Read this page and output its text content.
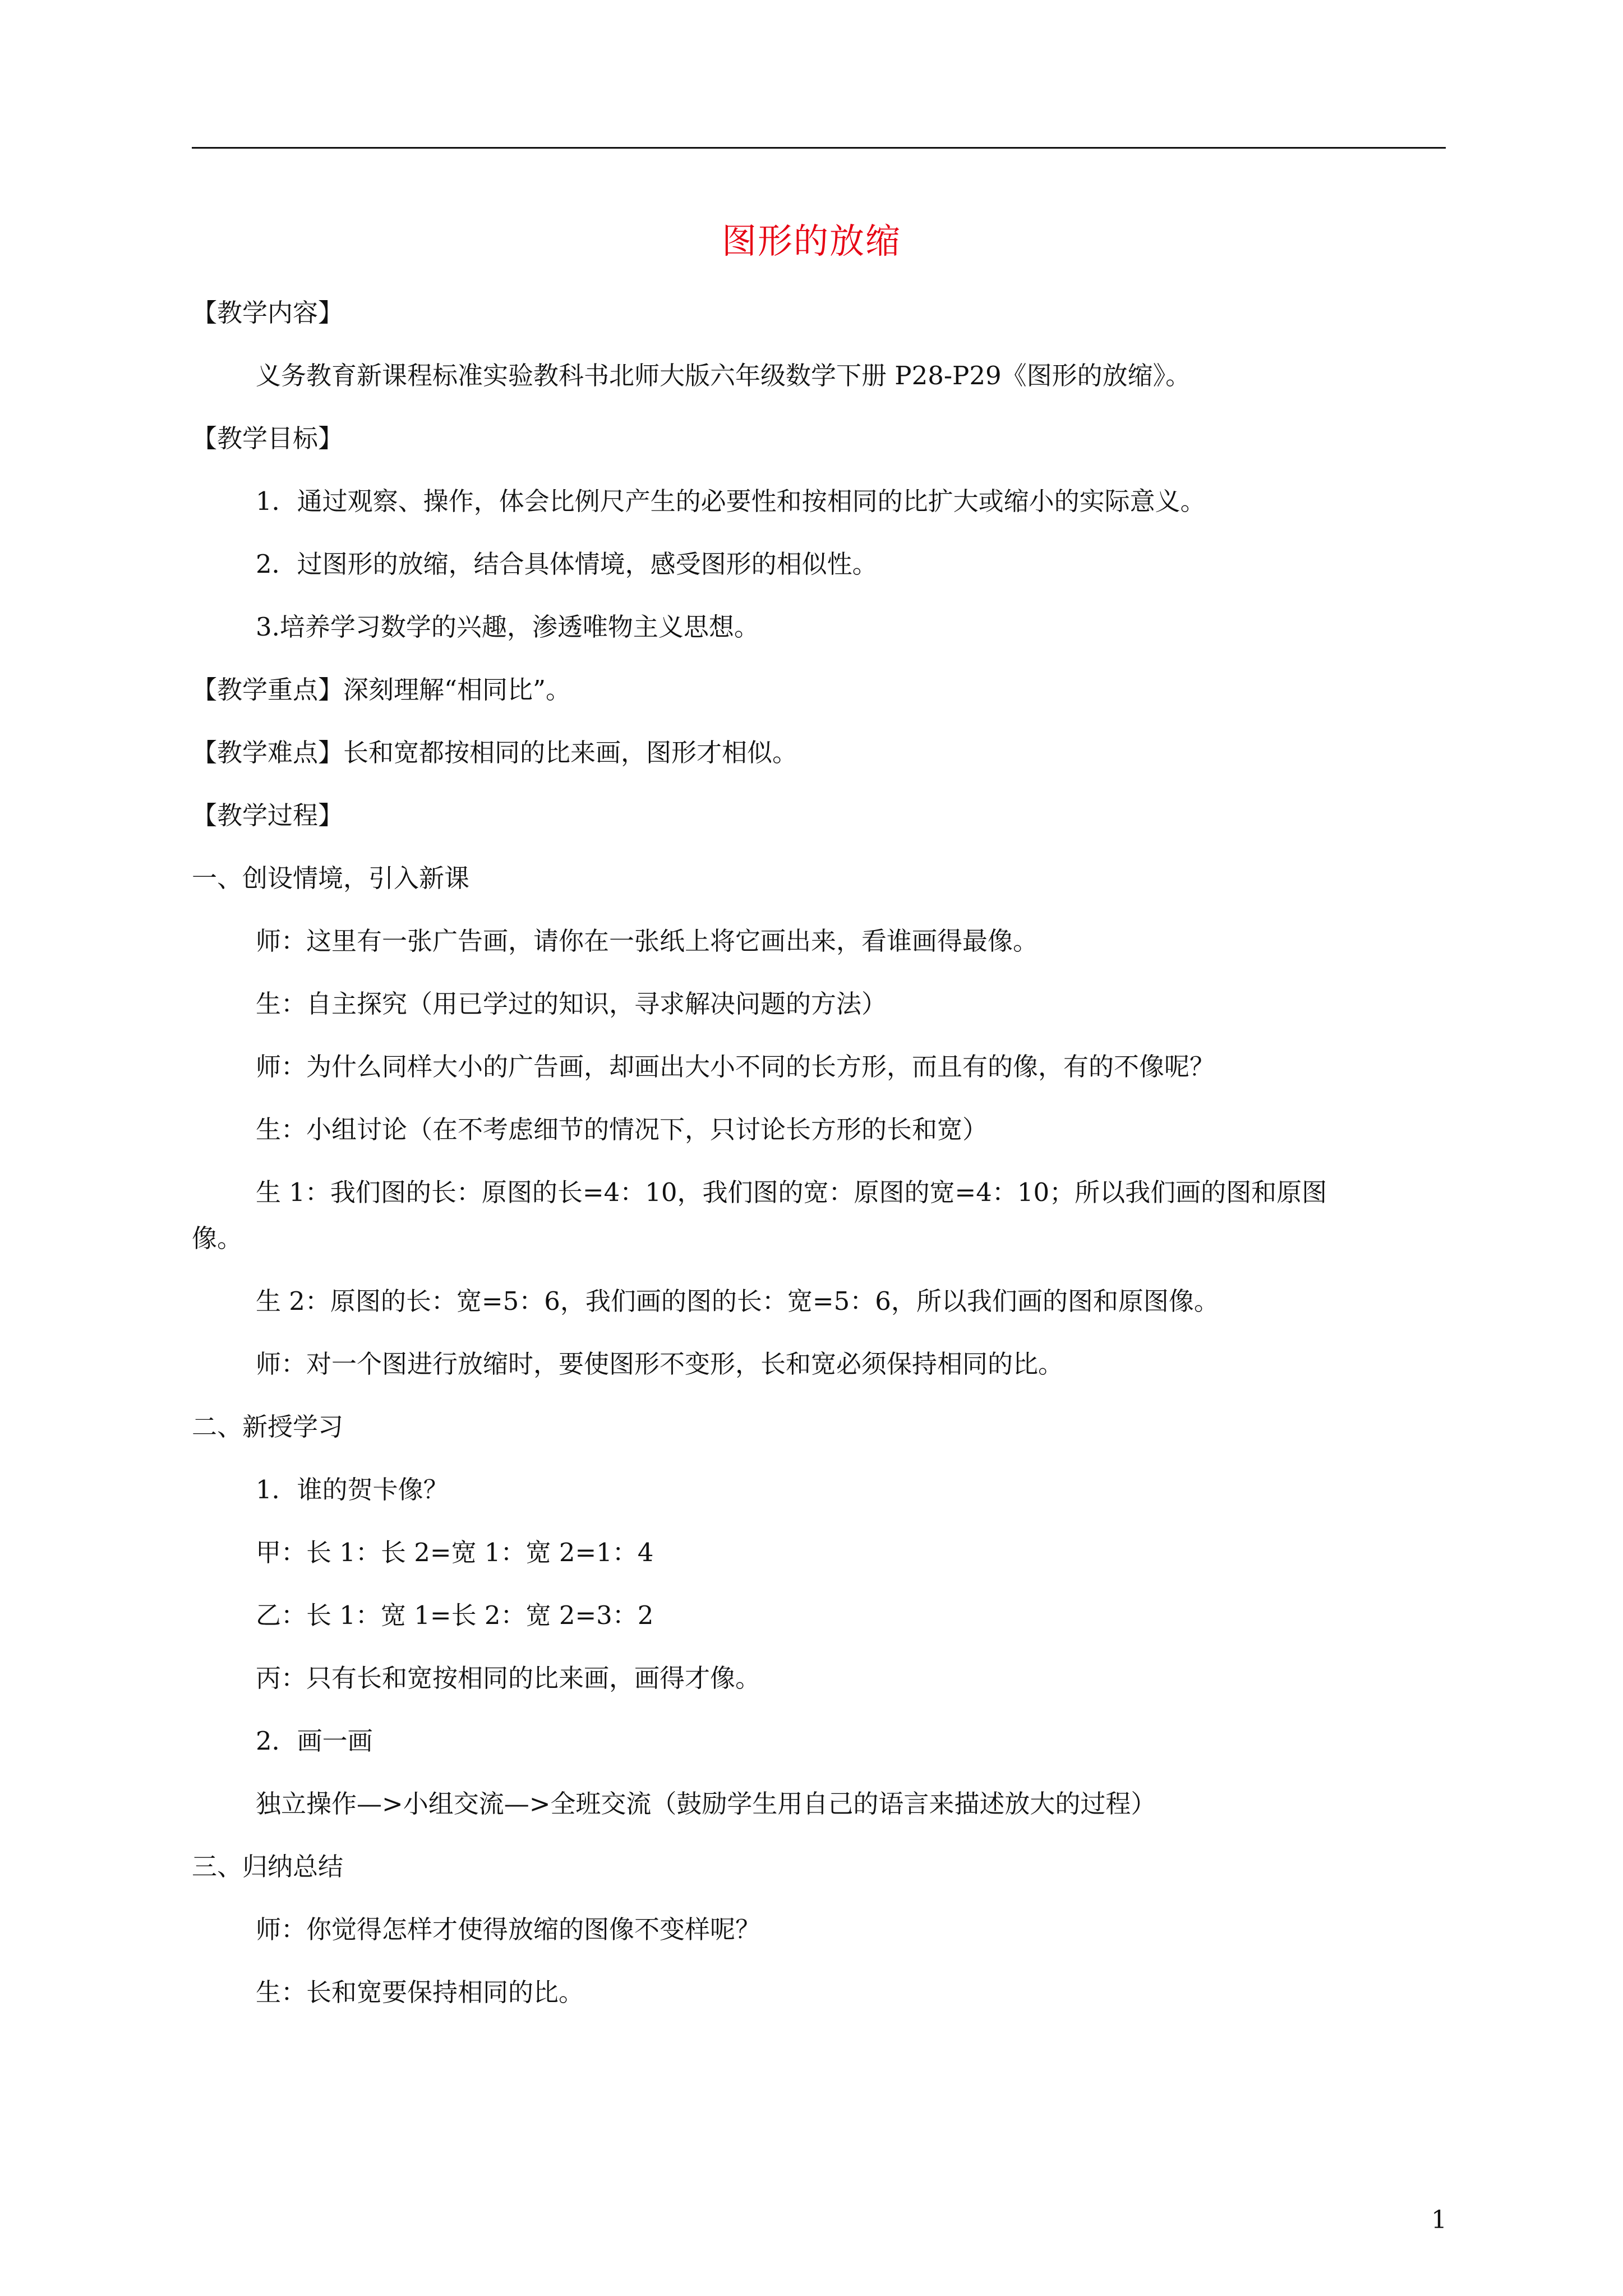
图形的放缩
【教学内容】
义务教育新课程标准实验教科书北师大版六年级数学下册 P28-P29《图形的放缩》。
【教学目标】
1．通过观察、操作，体会比例尺产生的必要性和按相同的比扩大或缩小的实际意义。
2．过图形的放缩，结合具体情境，感受图形的相似性。
3.培养学习数学的兴趣，渗透唯物主义思想。
【教学重点】深刻理解“相同比”。
【教学难点】长和宽都按相同的比来画，图形才相似。
【教学过程】
一、创设情境，引入新课
师：这里有一张广告画，请你在一张纸上将它画出来，看谁画得最像。
生：自主探究（用已学过的知识，寻求解决问题的方法）
师：为什么同样大小的广告画，却画出大小不同的长方形，而且有的像，有的不像呢？
生：小组讨论（在不考虑细节的情况下，只讨论长方形的长和宽）
生 1：我们图的长：原图的长=4：10，我们图的宽：原图的宽=4：10；所以我们画的图和原图
像。
生 2：原图的长：宽=5：6，我们画的图的长：宽=5：6，所以我们画的图和原图像。
师：对一个图进行放缩时，要使图形不变形，长和宽必须保持相同的比。
二、新授学习
1．谁的贺卡像？
甲：长 1：长 2=宽 1：宽 2=1：4
乙：长 1：宽 1=长 2：宽 2=3：2
丙：只有长和宽按相同的比来画，画得才像。
2．画一画
独立操作—>小组交流—>全班交流（鼓励学生用自己的语言来描述放大的过程）
三、归纳总结
师：你觉得怎样才使得放缩的图像不变样呢？
生：长和宽要保持相同的比。
1
